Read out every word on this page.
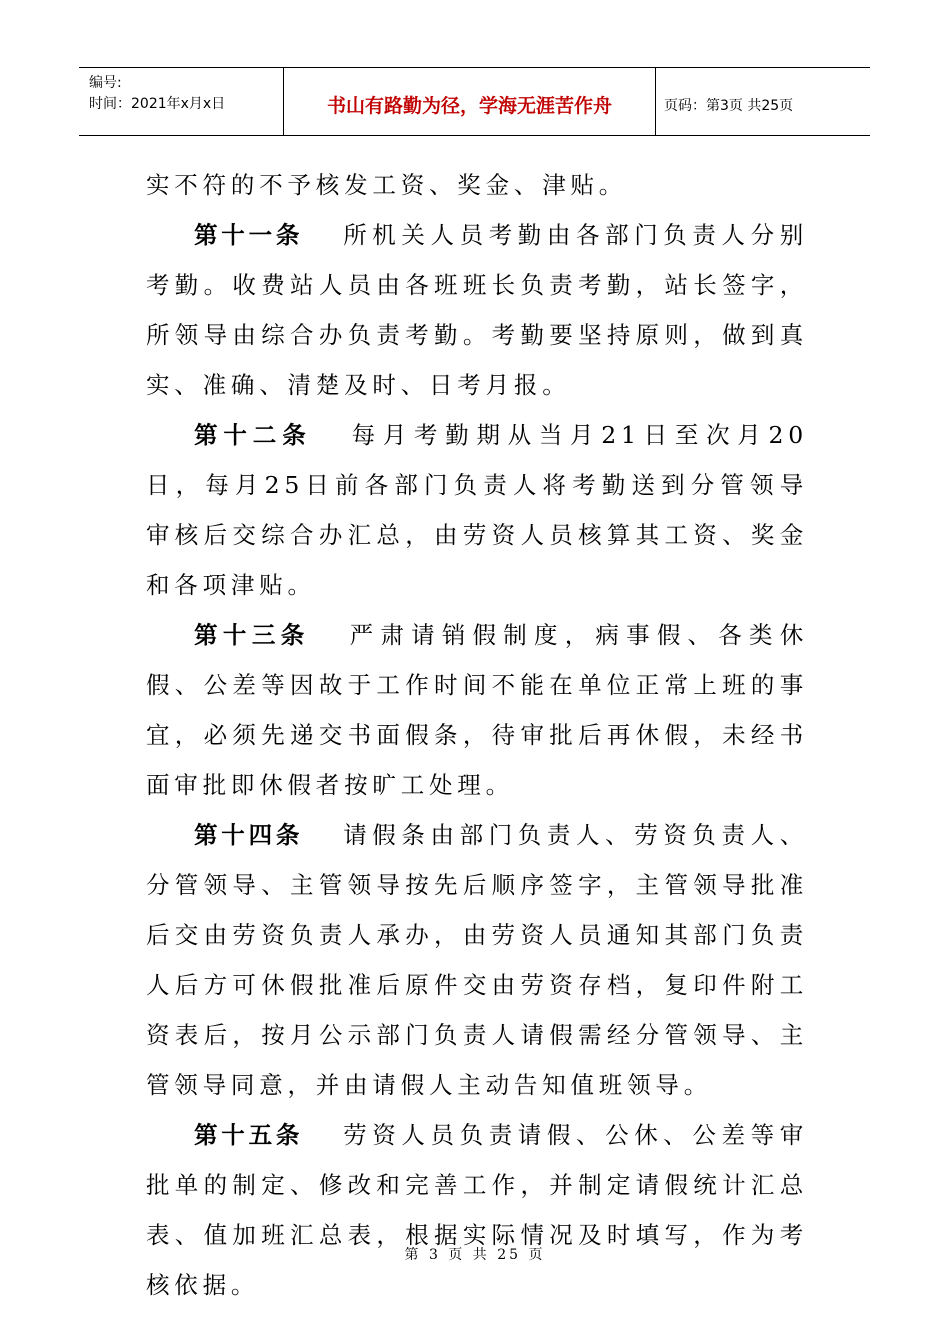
编号:
时间：2021年x月x日	书山有路勤为径，学海无涯苦作舟	页码：第3页 共25页

实不符的不予核发工资、奖金、津贴。

第十一条 所机关人员考勤由各部门负责人分别考勤。收费站人员由各班班长负责考勤，站长签字，所领导由综合办负责考勤。考勤要坚持原则，做到真实、准确、清楚及时、日考月报。

第十二条 每月考勤期从当月21日至次月20日，每月25日前各部门负责人将考勤送到分管领导审核后交综合办汇总，由劳资人员核算其工资、奖金和各项津贴。

第十三条 严肃请销假制度，病事假、各类休假、公差等因故于工作时间不能在单位正常上班的事宜，必须先递交书面假条，待审批后再休假，未经书面审批即休假者按旷工处理。

第十四条 请假条由部门负责人、劳资负责人、分管领导、主管领导按先后顺序签字，主管领导批准后交由劳资负责人承办，由劳资人员通知其部门负责人后方可休假批准后原件交由劳资存档，复印件附工资表后，按月公示部门负责人请假需经分管领导、主管领导同意，并由请假人主动告知值班领导。

第十五条 劳资人员负责请假、公休、公差等审批单的制定、修改和完善工作，并制定请假统计汇总表、值加班汇总表，根据实际情况及时填写，作为考核依据。

第 3 页 共 25 页
